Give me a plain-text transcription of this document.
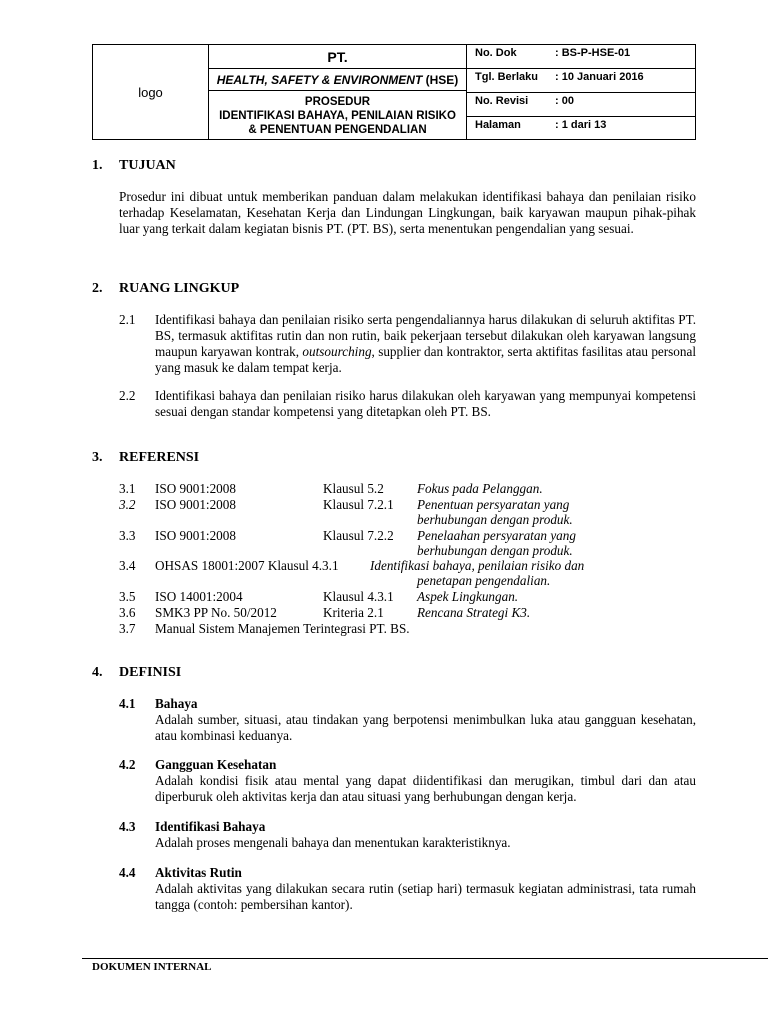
logo
PT.
HEALTH, SAFETY & ENVIRONMENT (HSE)
PROSEDUR
IDENTIFIKASI BAHAYA, PENILAIAN RISIKO
& PENENTUAN PENGENDALIAN
No. Dok	: BS-P-HSE-01
Tgl. Berlaku : 10 Januari 2016
No. Revisi : 00
Halaman	: 1 dari 13
1. TUJUAN
Prosedur ini dibuat untuk memberikan panduan dalam melakukan identifikasi bahaya dan penilaian risiko terhadap Keselamatan, Kesehatan Kerja dan Lindungan Lingkungan, baik karyawan maupun pihak-pihak luar yang terkait dalam kegiatan bisnis PT. (PT. BS), serta menentukan pengendalian yang sesuai.
2. RUANG LINGKUP
2.1 Identifikasi bahaya dan penilaian risiko serta pengendaliannya harus dilakukan di seluruh aktifitas PT. BS, termasuk aktifitas rutin dan non rutin, baik pekerjaan tersebut dilakukan oleh karyawan langsung maupun karyawan kontrak, outsourching, supplier dan kontraktor, serta aktifitas fasilitas atau personal yang masuk ke dalam tempat kerja.
2.2 Identifikasi bahaya dan penilaian risiko harus dilakukan oleh karyawan yang mempunyai kompetensi sesuai dengan standar kompetensi yang ditetapkan oleh PT. BS.
3. REFERENSI
3.1 ISO 9001:2008	Klausul 5.2	Fokus pada Pelanggan.
3.2 ISO 9001:2008	Klausul 7.2.1 Penentuan persyaratan yang
berhubungan dengan produk.
3.3 ISO 9001:2008	Klausul 7.2.2 Penelaahan persyaratan yang
berhubungan dengan produk.
3.4 OHSAS 18001:2007 Klausul 4.3.1 Identifikasi bahaya, penilaian risiko dan
penetapan pengendalian.
3.5 ISO 14001:2004	Klausul 4.3.1 Aspek Lingkungan.
3.6 SMK3 PP No. 50/2012	Kriteria 2.1	Rencana Strategi K3.
3.7 Manual Sistem Manajemen Terintegrasi PT. BS.
4. DEFINISI
4.1 Bahaya
Adalah sumber, situasi, atau tindakan yang berpotensi menimbulkan luka atau gangguan kesehatan, atau kombinasi keduanya.
4.2 Gangguan Kesehatan
Adalah kondisi fisik atau mental yang dapat diidentifikasi dan merugikan, timbul dari dan atau diperburuk oleh aktivitas kerja dan atau situasi yang berhubungan dengan kerja.
4.3 Identifikasi Bahaya
Adalah proses mengenali bahaya dan menentukan karakteristiknya.
4.4 Aktivitas Rutin
Adalah aktivitas yang dilakukan secara rutin (setiap hari) termasuk kegiatan administrasi, tata rumah tangga (contoh: pembersihan kantor).
DOKUMEN INTERNAL
